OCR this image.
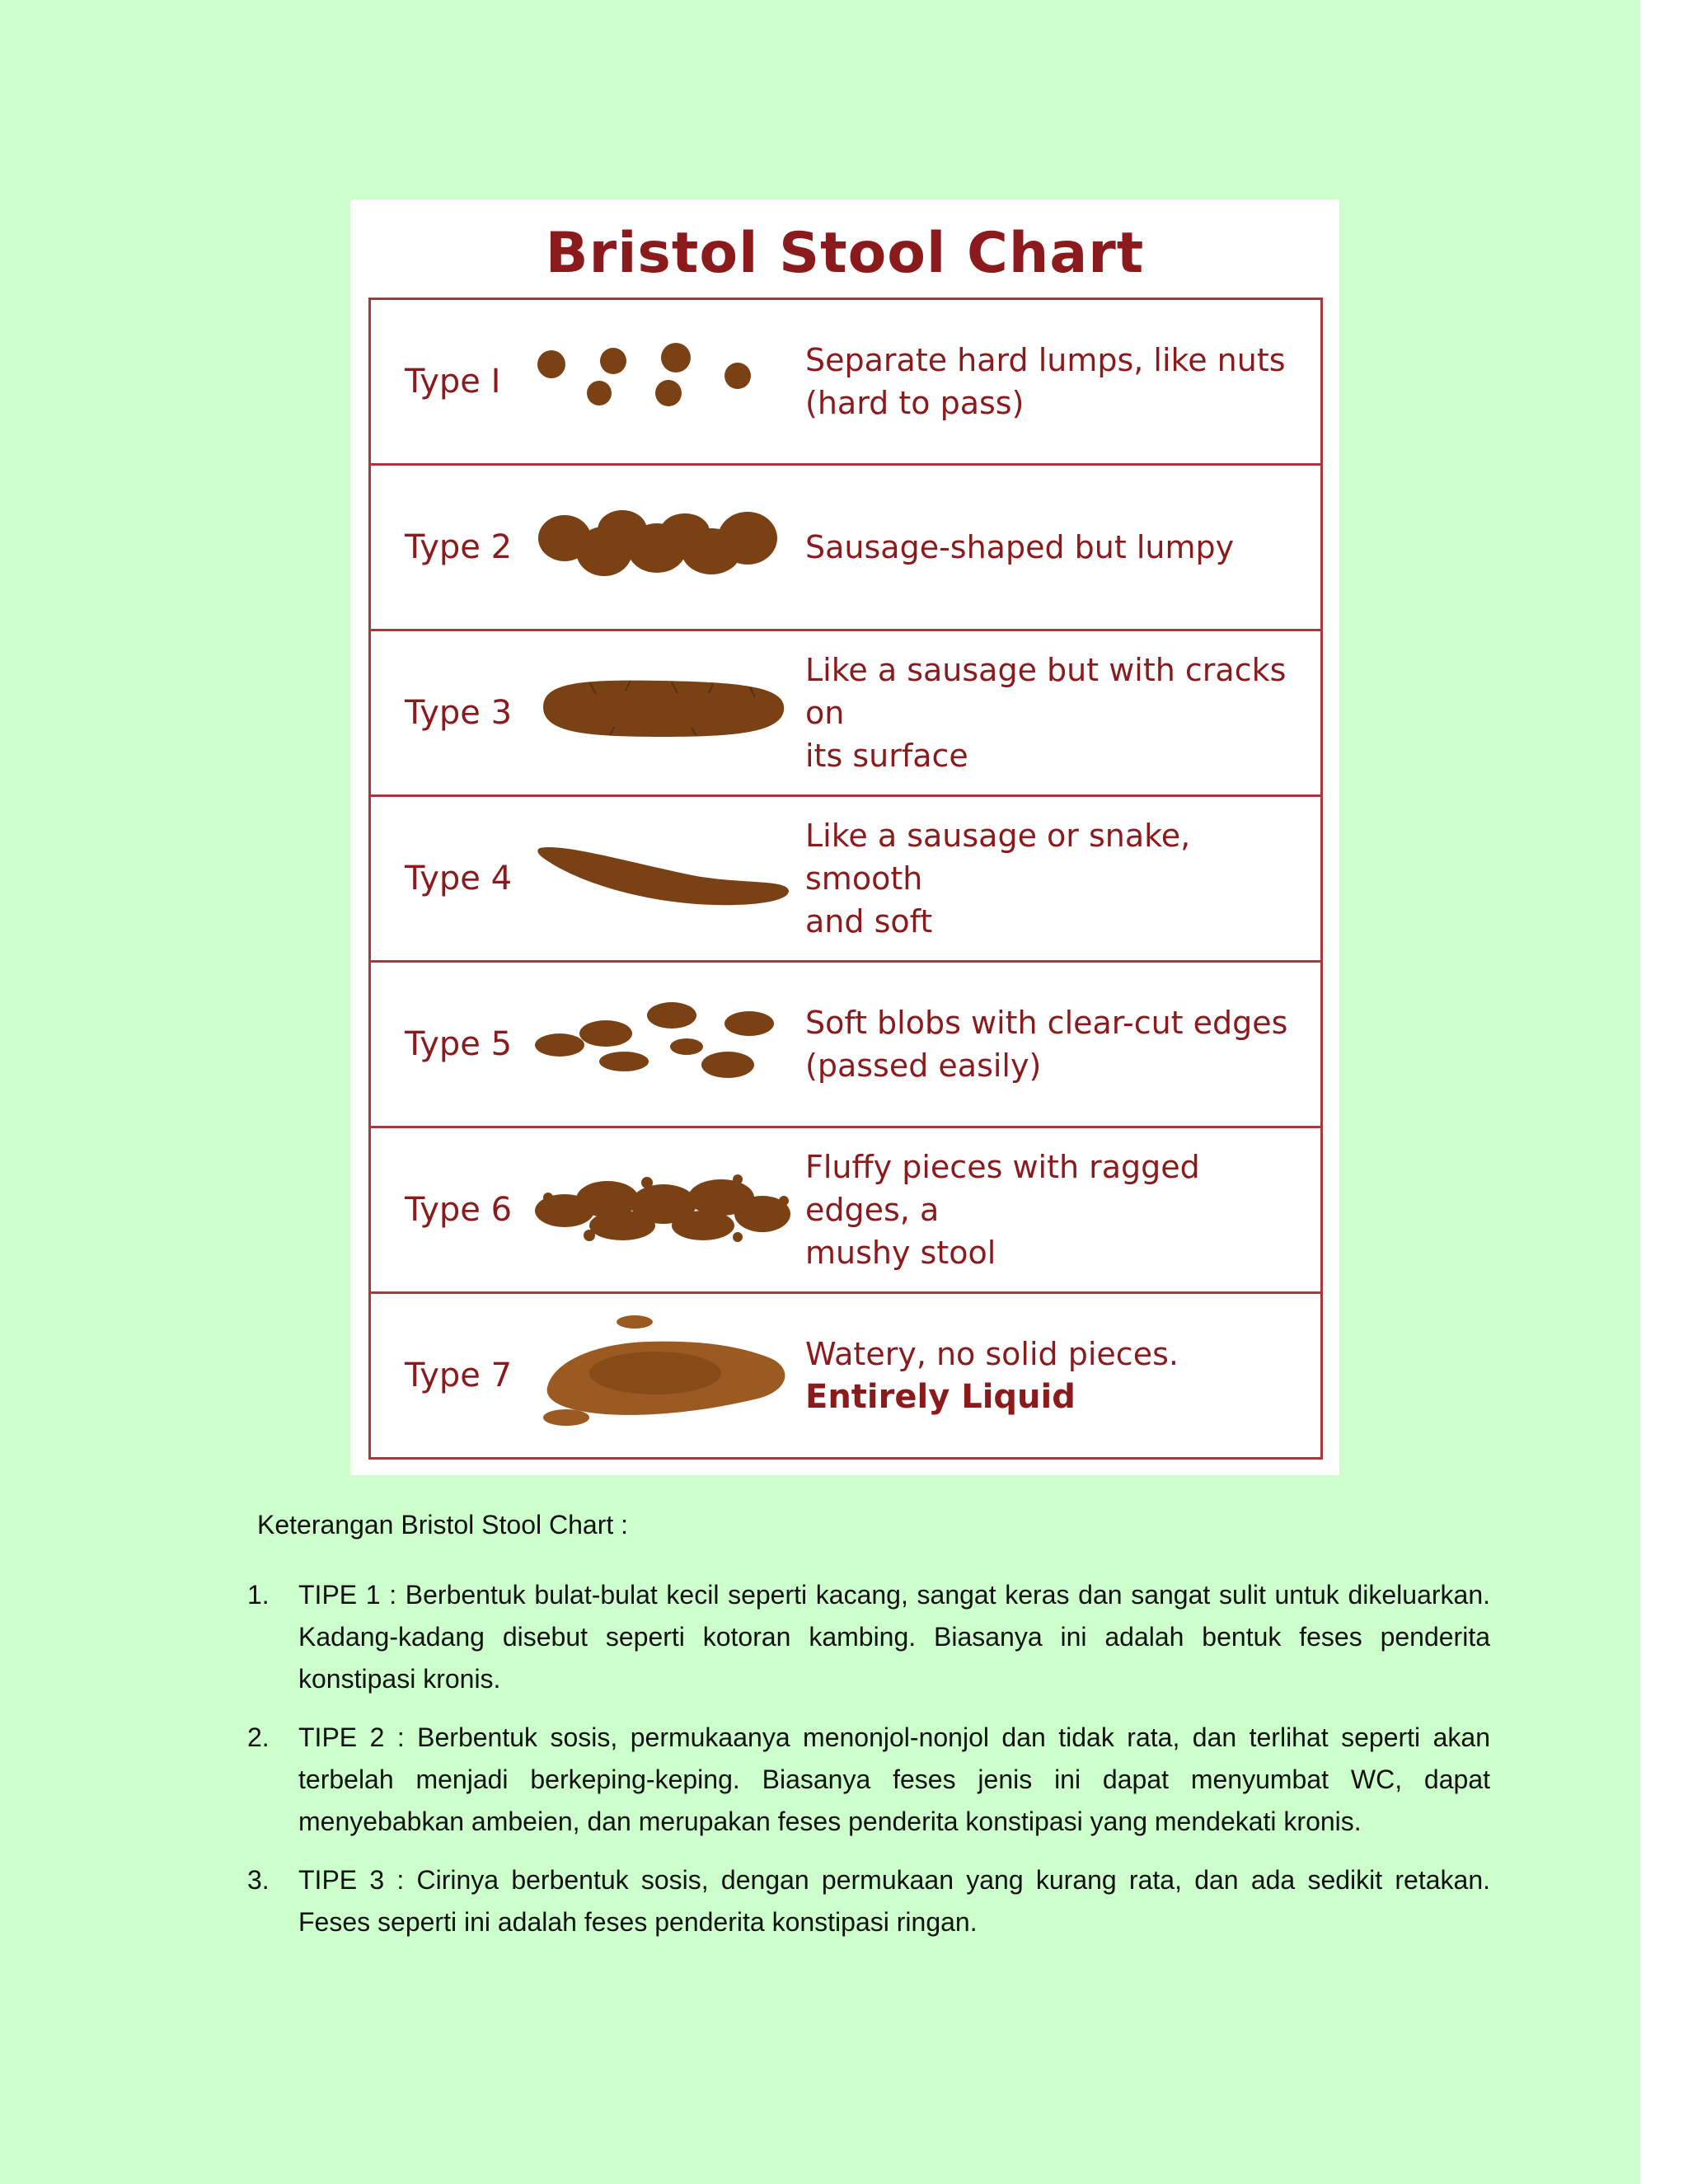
Bristol Stool Chart
Type I
Separate hard lumps, like nuts
(hard to pass)
Type 2	Sausage-shaped but lumpy
Type 3
Like a sausage but with cracks on
its surface
Type 4
Like a sausage or snake, smooth
and soft
Type 5
Soft blobs with clear-cut edges
(passed easily)
Type 6
Fluffy pieces with ragged edges, a
mushy stool
Type 7
Watery, no solid pieces.
Entirely Liquid
Keterangan Bristol Stool Chart :
1. TIPE 1 : Berbentuk bulat-bulat kecil seperti kacang, sangat keras dan sangat sulit untuk dikeluarkan. Kadang-kadang disebut seperti kotoran kambing. Biasanya ini adalah bentuk feses penderita konstipasi kronis.
2. TIPE 2 : Berbentuk sosis, permukaanya menonjol-nonjol dan tidak rata, dan terlihat seperti akan terbelah menjadi berkeping-keping. Biasanya feses jenis ini dapat menyumbat WC, dapat menyebabkan ambeien, dan merupakan feses penderita konstipasi yang mendekati kronis.
3. TIPE 3 : Cirinya berbentuk sosis, dengan permukaan yang kurang rata, dan ada sedikit retakan. Feses seperti ini adalah feses penderita konstipasi ringan.
